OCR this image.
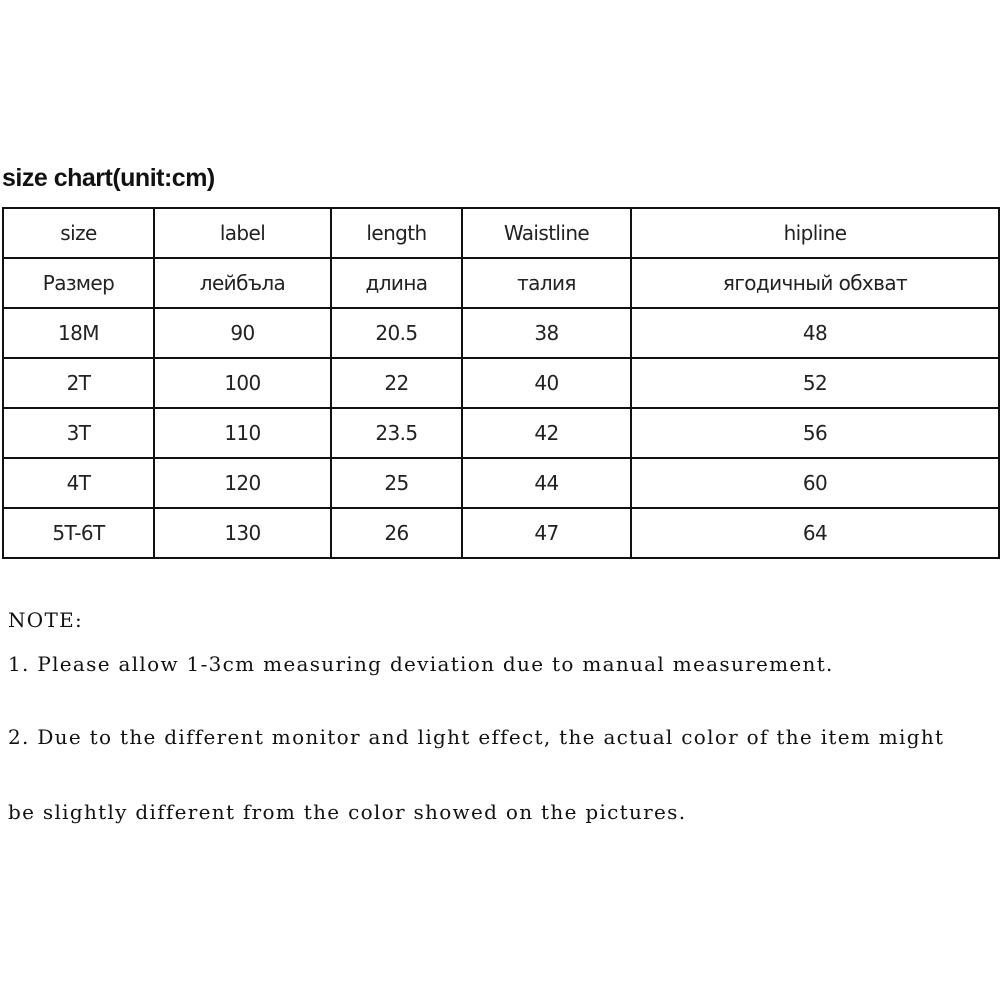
size chart(unit:cm)
size	label	length	Waistline	hipline
Размер	лейбъла	длина	талия	ягодичный обхват
18M	90	20.5	38	48
2T	100	22	40	52
3T	110	23.5	42	56
4T	120	25	44	60
5T-6T	130	26	47	64

NOTE:

1. Please allow 1-3cm measuring deviation due to manual measurement.

2. Due to the different monitor and light effect, the actual color of the item might

be slightly different from the color showed on the pictures.
